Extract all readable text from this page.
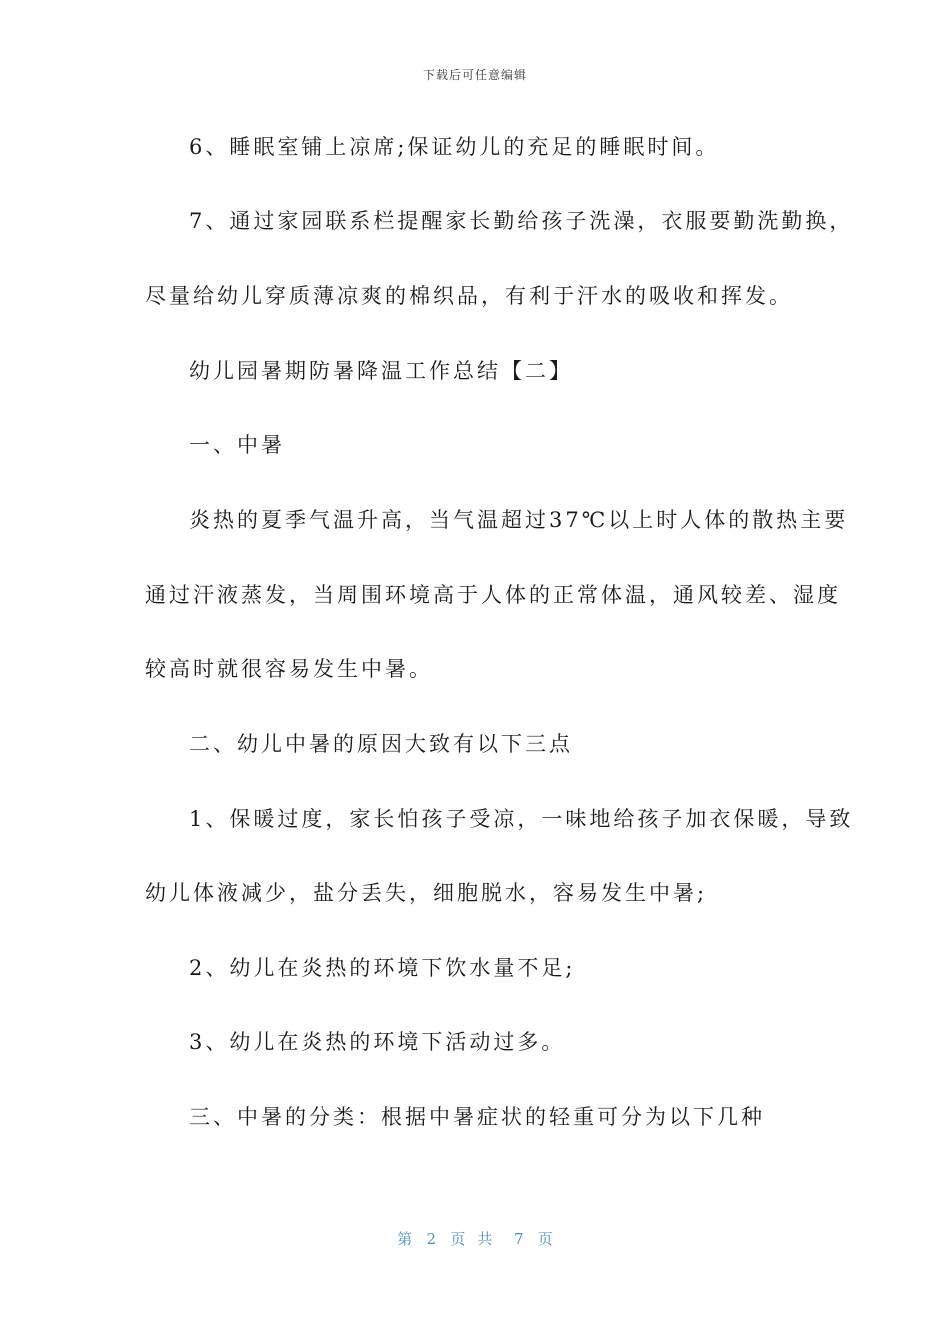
下载后可任意编辑
6、睡眠室铺上凉席;保证幼儿的充足的睡眠时间。
7、通过家园联系栏提醒家长勤给孩子洗澡，衣服要勤洗勤换，
尽量给幼儿穿质薄凉爽的棉织品，有利于汗水的吸收和挥发。
幼儿园暑期防暑降温工作总结【二】
一、中暑
炎热的夏季气温升高，当气温超过37℃以上时人体的散热主要
通过汗液蒸发，当周围环境高于人体的正常体温，通风较差、湿度
较高时就很容易发生中暑。
二、幼儿中暑的原因大致有以下三点
1、保暖过度，家长怕孩子受凉，一味地给孩子加衣保暖，导致
幼儿体液减少，盐分丢失，细胞脱水，容易发生中暑;
2、幼儿在炎热的环境下饮水量不足;
3、幼儿在炎热的环境下活动过多。
三、中暑的分类：根据中暑症状的轻重可分为以下几种
第 2 页共 7 页
